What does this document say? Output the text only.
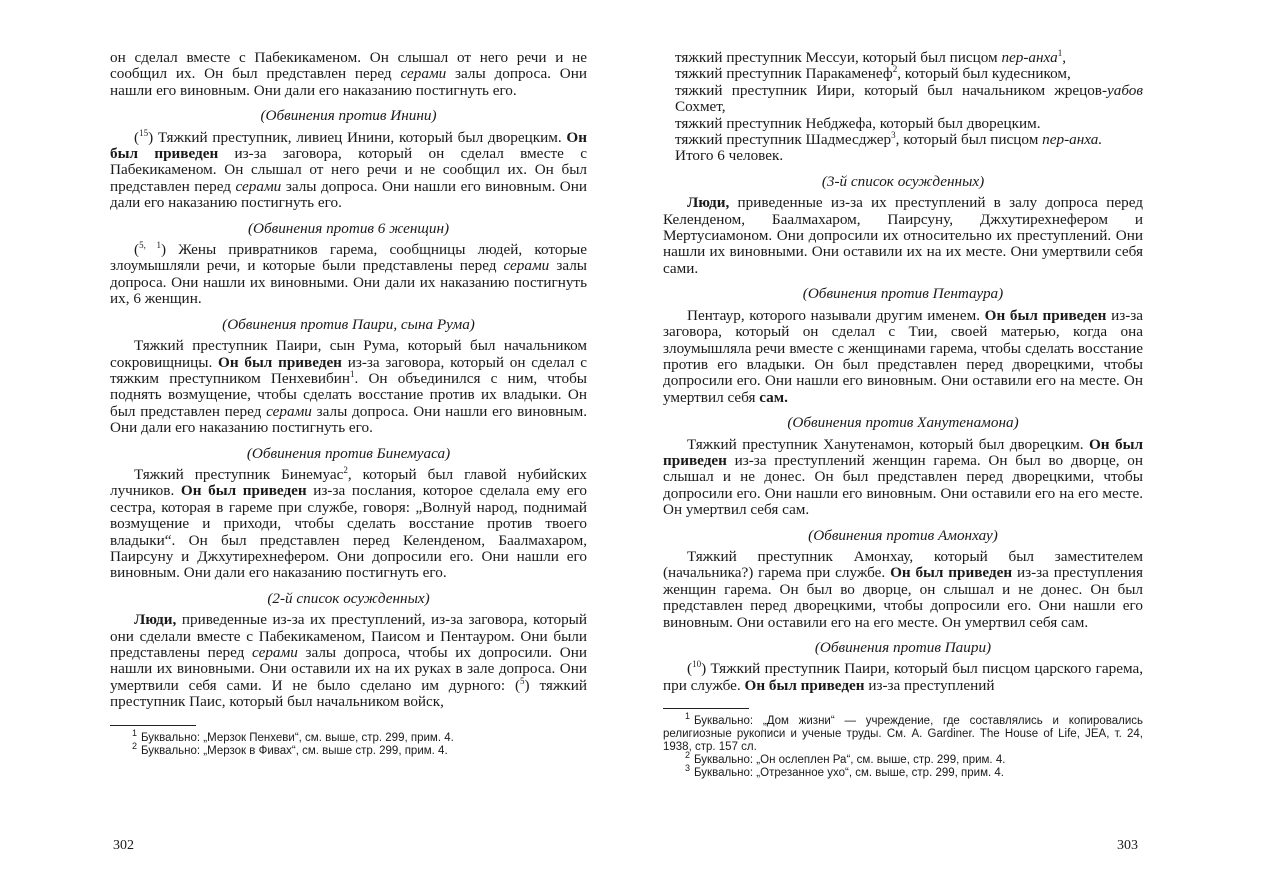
он сделал вместе с Пабекикаменом. Он слышал от него речи и не сообщил их. Он был представлен перед серами залы допроса. Они нашли его виновным. Они дали его наказанию постигнуть его.

(Обвинения против Инини)

($^{15}$) Тяжкий преступник, ливиец Инини, который был дворецким. Он был приведен из-за заговора, который он сделал вместе с Пабекикаменом. Он слышал от него речи и не сообщил их. Он был представлен перед серами залы допроса. Они нашли его виновным. Они дали его наказанию постигнуть его.

(Обвинения против 6 женщин)

($^{5, 1}$) Жены привратников гарема, сообщницы людей, которые злоумышляли речи, и которые были представлены перед серами залы допроса. Они нашли их виновными. Они дали их наказанию постигнуть их, 6 женщин.

(Обвинения против Паири, сына Рума)

Тяжкий преступник Паири, сын Рума, который был начальником сокровищницы. Он был приведен из-за заговора, который он сделал с тяжким преступником Пенхевибин$^1$. Он объединился с ним, чтобы поднять возмущение, чтобы сделать восстание против их владыки. Он был представлен перед серами залы допроса. Они нашли его виновным. Они дали его наказанию постигнуть его.

(Обвинения против Бинемуаса)

Тяжкий преступник Бинемуас$^2$, который был главой нубийских лучников. Он был приведен из-за послания, которое сделала ему его сестра, которая в гареме при службе, говоря: „Волнуй народ, поднимай возмущение и приходи, чтобы сделать восстание против твоего владыки“. Он был представлен перед Келенденом, Баалмахаром, Паирсуну и Джхутирехнефером. Они допросили его. Они нашли его виновным. Они дали его наказанию постигнуть его.

(2-й список осужденных)

Люди, приведенные из-за их преступлений, из-за заговора, который они сделали вместе с Пабекикаменом, Паисом и Пентауром. Они были представлены перед серами залы допроса, чтобы их допросили. Они нашли их виновными. Они оставили их на их руках в зале допроса. Они умертвили себя сами. И не было сделано им дурного: ($^5$) тяжкий преступник Паис, который был начальником войск,

$^1$ Буквально: „Мерзок Пенхеви“, см. выше, стр. 299, прим. 4.

$^2$ Буквально: „Мерзок в Фивах“, см. выше стр. 299, прим. 4.

302

тяжкий преступник Мессуи, который был писцом пер-анха$^1$,

тяжкий преступник Паракаменеф$^2$, который был кудесником,

тяжкий преступник Иири, который был начальником жрецов-уабов Сохмет,

тяжкий преступник Небджефа, который был дворецким.

тяжкий преступник Шадмесджер$^3$, который был писцом пер-анха.

Итого 6 человек.

(3-й список осужденных)

Люди, приведенные из-за их преступлений в залу допроса перед Келенденом, Баалмахаром, Паирсуну, Джхутирехнефером и Мертусиамоном. Они допросили их относительно их преступлений. Они нашли их виновными. Они оставили их на их месте. Они умертвили себя сами.

(Обвинения против Пентаура)

Пентаур, которого называли другим именем. Он был приведен из-за заговора, который он сделал с Тии, своей матерью, когда она злоумышляла речи вместе с женщинами гарема, чтобы сделать восстание против его владыки. Он был представлен перед дворецкими, чтобы допросили его. Они нашли его виновным. Они оставили его на месте. Он умертвил себя сам.

(Обвинения против Ханутенамона)

Тяжкий преступник Ханутенамон, который был дворецким. Он был приведен из-за преступлений женщин гарема. Он был во дворце, он слышал и не донес. Он был представлен перед дворецкими, чтобы допросили его. Они нашли его виновным. Они оставили его на его месте. Он умертвил себя сам.

(Обвинения против Амонхау)

Тяжкий преступник Амонхау, который был заместителем (начальника?) гарема при службе. Он был приведен из-за преступления женщин гарема. Он был во дворце, он слышал и не донес. Он был представлен перед дворецкими, чтобы допросили его. Они нашли его виновным. Они оставили его на его месте. Он умертвил себя сам.

(Обвинения против Паири)

($^{10}$) Тяжкий преступник Паири, который был писцом царского гарема, при службе. Он был приведен из-за преступлений

$^1$ Буквально: „Дом жизни“ — учреждение, где составлялись и копировались религиозные рукописи и ученые труды. См. A. Gardiner. The House of Life, JEA, т. 24, 1938, стр. 157 сл.

$^2$ Буквально: „Он ослеплен Ра“, см. выше, стр. 299, прим. 4.

$^3$ Буквально: „Отрезанное ухо“, см. выше, стр. 299, прим. 4.

303
